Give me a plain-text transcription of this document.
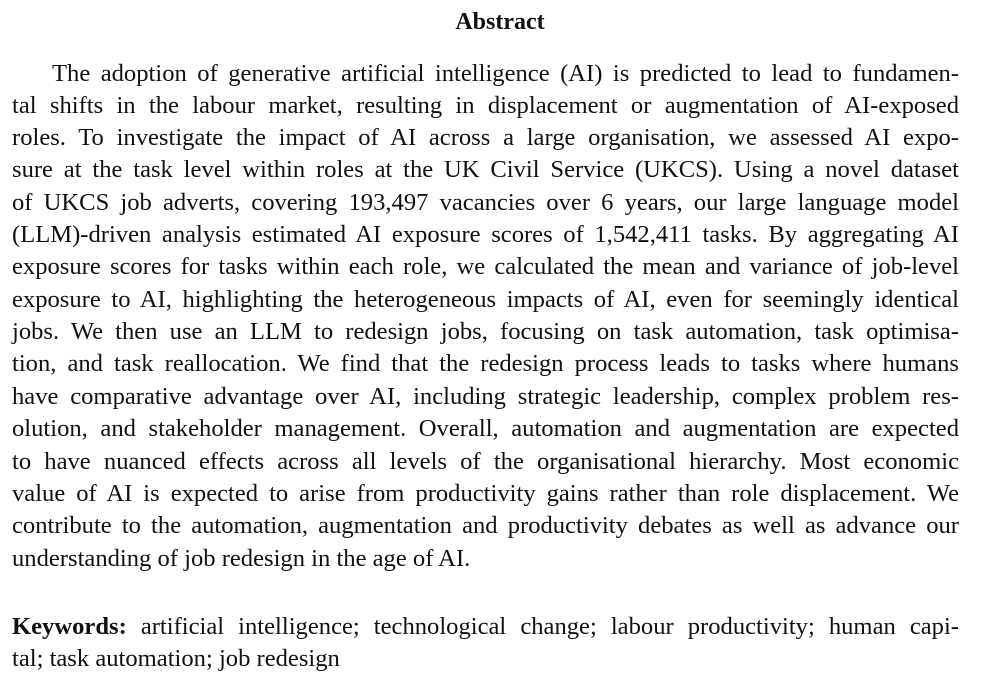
Abstract
The adoption of generative artificial intelligence (AI) is predicted to lead to fundamen-
tal shifts in the labour market, resulting in displacement or augmentation of AI-exposed
roles. To investigate the impact of AI across a large organisation, we assessed AI expo-
sure at the task level within roles at the UK Civil Service (UKCS). Using a novel dataset
of UKCS job adverts, covering 193,497 vacancies over 6 years, our large language model
(LLM)-driven analysis estimated AI exposure scores of 1,542,411 tasks. By aggregating AI
exposure scores for tasks within each role, we calculated the mean and variance of job-level
exposure to AI, highlighting the heterogeneous impacts of AI, even for seemingly identical
jobs. We then use an LLM to redesign jobs, focusing on task automation, task optimisa-
tion, and task reallocation. We find that the redesign process leads to tasks where humans
have comparative advantage over AI, including strategic leadership, complex problem res-
olution, and stakeholder management. Overall, automation and augmentation are expected
to have nuanced effects across all levels of the organisational hierarchy. Most economic
value of AI is expected to arise from productivity gains rather than role displacement. We
contribute to the automation, augmentation and productivity debates as well as advance our
understanding of job redesign in the age of AI.
Keywords: artificial intelligence; technological change; labour productivity; human capi-
tal; task automation; job redesign
